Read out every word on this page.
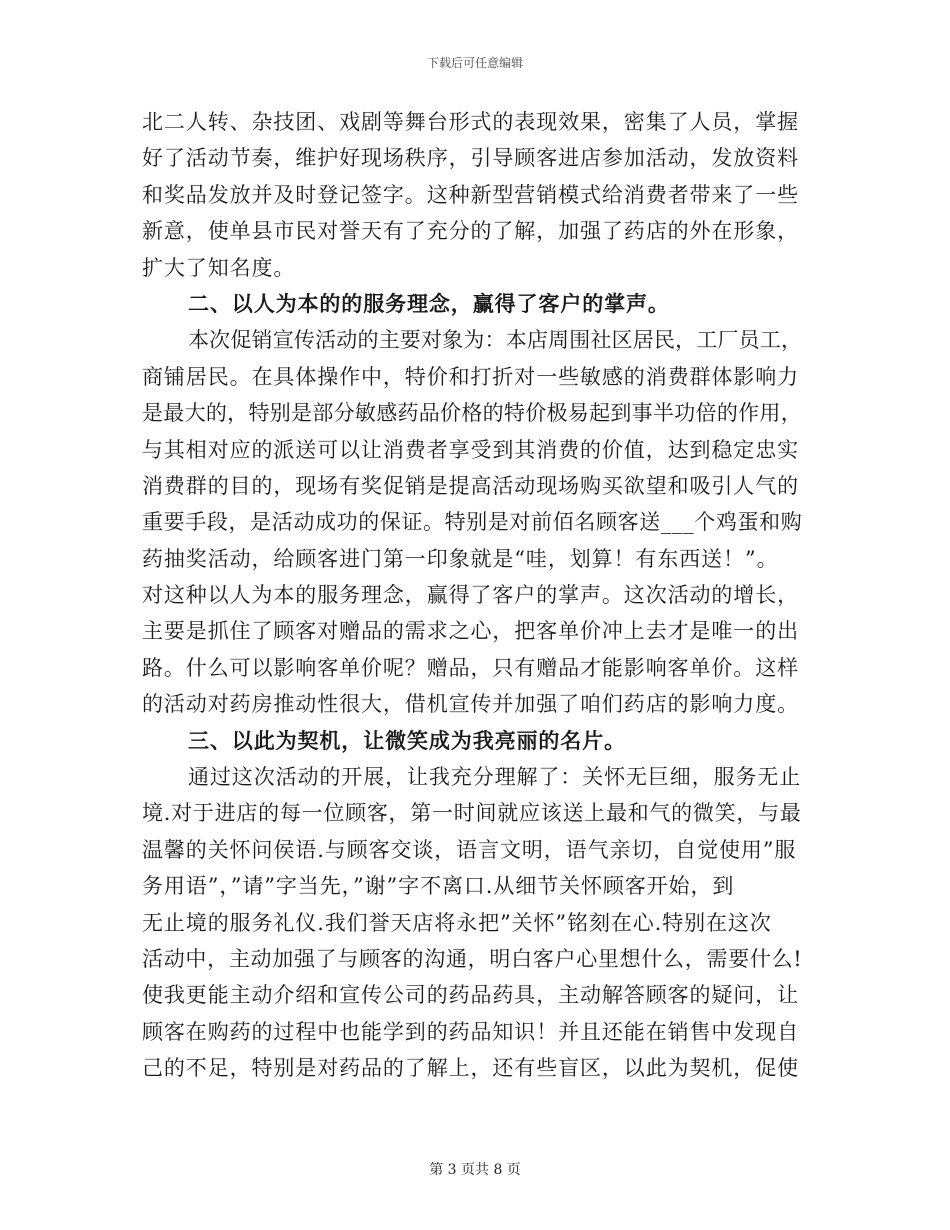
下载后可任意编辑
北二人转、杂技团、戏剧等舞台形式的表现效果，密集了人员，掌握
好了活动节奏，维护好现场秩序，引导顾客进店参加活动，发放资料
和奖品发放并及时登记签字。这种新型营销模式给消费者带来了一些
新意，使单县市民对誉天有了充分的了解，加强了药店的外在形象，
扩大了知名度。
二、以人为本的的服务理念，赢得了客户的掌声。
本次促销宣传活动的主要对象为：本店周围社区居民，工厂员工，
商铺居民。在具体操作中，特价和打折对一些敏感的消费群体影响力
是最大的，特别是部分敏感药品价格的特价极易起到事半功倍的作用，
与其相对应的派送可以让消费者享受到其消费的价值，达到稳定忠实
消费群的目的，现场有奖促销是提高活动现场购买欲望和吸引人气的
重要手段，是活动成功的保证。特别是对前佰名顾客送___个鸡蛋和购
药抽奖活动，给顾客进门第一印象就是“哇，划算！有东西送！”。
对这种以人为本的服务理念，赢得了客户的掌声。这次活动的增长，
主要是抓住了顾客对赠品的需求之心，把客单价冲上去才是唯一的出
路。什么可以影响客单价呢？赠品，只有赠品才能影响客单价。这样
的活动对药房推动性很大，借机宣传并加强了咱们药店的影响力度。
三、以此为契机，让微笑成为我亮丽的名片。
通过这次活动的开展，让我充分理解了：关怀无巨细，服务无止
境.对于进店的每一位顾客，第一时间就应该送上最和气的微笑，与最
温馨的关怀问侯语.与顾客交谈，语言文明，语气亲切，自觉使用”服
务用语”，”请”字当先，”谢”字不离口.从细节关怀顾客开始，到
无止境的服务礼仪.我们誉天店将永把”关怀”铭刻在心.特别在这次
活动中，主动加强了与顾客的沟通，明白客户心里想什么，需要什么!
使我更能主动介绍和宣传公司的药品药具，主动解答顾客的疑问，让
顾客在购药的过程中也能学到的药品知识！并且还能在销售中发现自
己的不足，特别是对药品的了解上，还有些盲区，以此为契机，促使
第 3 页共 8 页
